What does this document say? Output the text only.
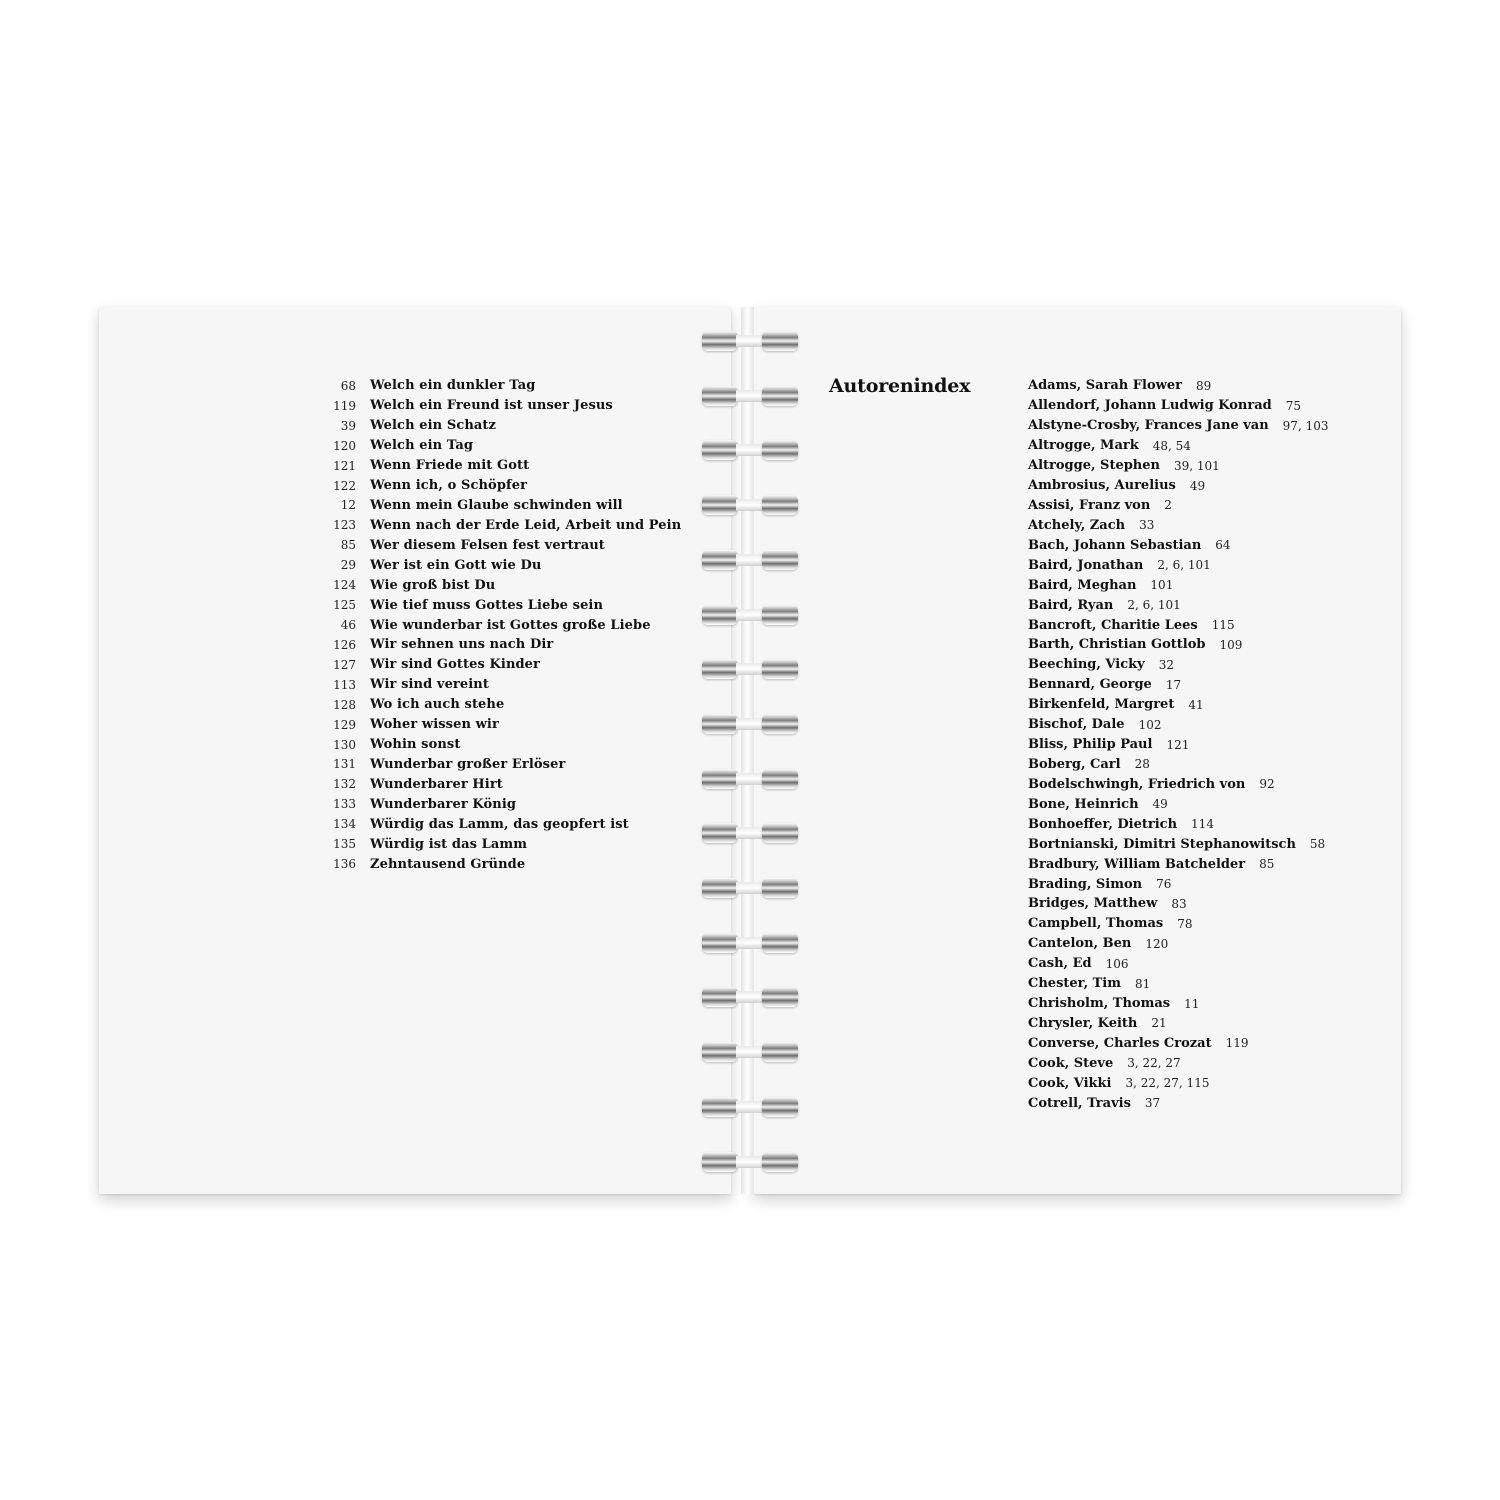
68	Welch ein dunkler Tag
119	Welch ein Freund ist unser Jesus
39	Welch ein Schatz
120	Welch ein Tag
121	Wenn Friede mit Gott
122	Wenn ich, o Schöpfer
12	Wenn mein Glaube schwinden will
123	Wenn nach der Erde Leid, Arbeit und Pein
85	Wer diesem Felsen fest vertraut
29	Wer ist ein Gott wie Du
124	Wie groß bist Du
125	Wie tief muss Gottes Liebe sein
46	Wie wunderbar ist Gottes große Liebe
126	Wir sehnen uns nach Dir
127	Wir sind Gottes Kinder
113	Wir sind vereint
128	Wo ich auch stehe
129	Woher wissen wir
130	Wohin sonst
131	Wunderbar großer Erlöser
132	Wunderbarer Hirt
133	Wunderbarer König
134	Würdig das Lamm, das geopfert ist
135	Würdig ist das Lamm
136	Zehntausend Gründe
Autorenindex	Adams, Sarah Flower 89
Allendorf, Johann Ludwig Konrad 75
Alstyne-Crosby, Frances Jane van 97, 103
Altrogge, Mark 48, 54
Altrogge, Stephen 39, 101
Ambrosius, Aurelius 49
Assisi, Franz von 2
Atchely, Zach 33
Bach, Johann Sebastian 64
Baird, Jonathan 2, 6, 101
Baird, Meghan 101
Baird, Ryan 2, 6, 101
Bancroft, Charitie Lees 115
Barth, Christian Gottlob 109
Beeching, Vicky 32
Bennard, George 17
Birkenfeld, Margret 41
Bischof, Dale 102
Bliss, Philip Paul 121
Boberg, Carl 28
Bodelschwingh, Friedrich von 92
Bone, Heinrich 49
Bonhoeffer, Dietrich 114
Bortnianski, Dimitri Stephanowitsch 58
Bradbury, William Batchelder 85
Brading, Simon 76
Bridges, Matthew 83
Campbell, Thomas 78
Cantelon, Ben 120
Cash, Ed 106
Chester, Tim 81
Chrisholm, Thomas 11
Chrysler, Keith 21
Converse, Charles Crozat 119
Cook, Steve 3, 22, 27
Cook, Vikki 3, 22, 27, 115
Cotrell, Travis 37
